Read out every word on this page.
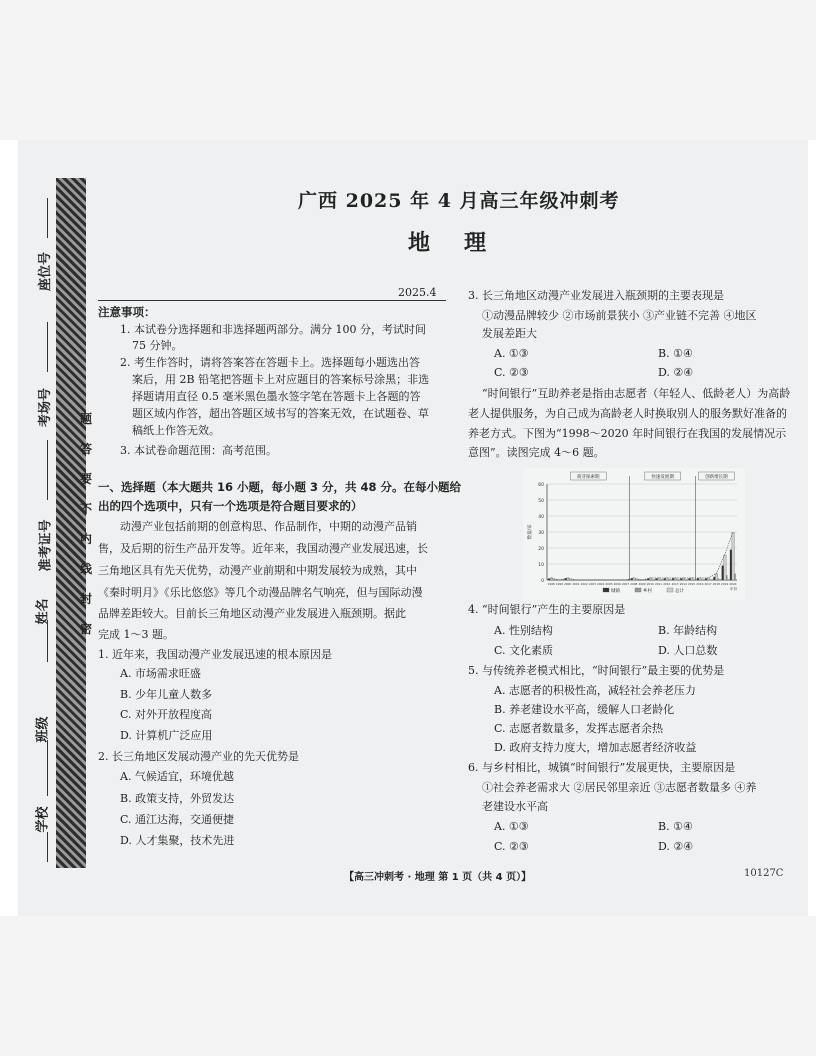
座位号
考场号
准考证号
姓名
班级
学校
题
答
要
不
内
线
封
密
广西 2025 年 4 月高三年级冲刺考
地理
2025.4
注意事项：
1. 本试卷分选择题和非选择题两部分。满分 100 分，考试时间
75 分钟。
2. 考生作答时，请将答案答在答题卡上。选择题每小题选出答
案后，用 2B 铅笔把答题卡上对应题目的答案标号涂黑；非选
择题请用直径 0.5 毫米黑色墨水签字笔在答题卡上各题的答
题区域内作答，超出答题区域书写的答案无效，在试题卷、草
稿纸上作答无效。
3. 本试卷命题范围：高考范围。
一、选择题（本大题共 16 小题，每小题 3 分，共 48 分。在每小题给
出的四个选项中，只有一个选项是符合题目要求的）
动漫产业包括前期的创意构思、作品制作，中期的动漫产品销
售，及后期的衍生产品开发等。近年来，我国动漫产业发展迅速，长
三角地区具有先天优势，动漫产业前期和中期发展较为成熟，其中
《秦时明月》《乐比悠悠》等几个动漫品牌名气响亮，但与国际动漫
品牌差距较大。目前长三角地区动漫产业发展进入瓶颈期。据此
完成 1～3 题。
1. 近年来，我国动漫产业发展迅速的根本原因是
A. 市场需求旺盛
B. 少年儿童人数多
C. 对外开放程度高
D. 计算机广泛应用
2. 长三角地区发展动漫产业的先天优势是
A. 气候适宜，环境优越
B. 政策支持，外贸发达
C. 通江达海，交通便捷
D. 人才集聚，技术先进
3. 长三角地区动漫产业发展进入瓶颈期的主要表现是
①动漫品牌较少 ②市场前景狭小 ③产业链不完善 ④地区
发展差距大
A. ①③	B. ①④
C. ②③	D. ②④
“时间银行”互助养老是指由志愿者（年轻人、低龄老人）为高龄
老人提供服务，为自己成为高龄老人时换取别人的服务默好准备的
养老方式。下图为“1998～2020 年时间银行在我国的发展情况示
意图”。读图完成 4～6 题。
0
10
20
30
40
50
60
数量/家
萌芽探索期	快速发展期	创新增长期
1998 1999 2000 2001 2002 2003 2004 2005 2006 2007 2008 2009 2010 2011 2012 2013 2014 2015 2016 2017 2018 2019 2020
城镇	乡村	总计	年份
4. “时间银行”产生的主要原因是
A. 性别结构	B. 年龄结构
C. 文化素质	D. 人口总数
5. 与传统养老模式相比，“时间银行”最主要的优势是
A. 志愿者的积极性高，减轻社会养老压力
B. 养老建设水平高，缓解人口老龄化
C. 志愿者数量多，发挥志愿者余热
D. 政府支持力度大，增加志愿者经济收益
6. 与乡村相比，城镇“时间银行”发展更快，主要原因是
①社会养老需求大 ②居民邻里亲近 ③志愿者数量多 ④养
老建设水平高
A. ①③	B. ①④
C. ②③	D. ②④
【高三冲刺考 · 地理 第 1 页（共 4 页）】	10127C
